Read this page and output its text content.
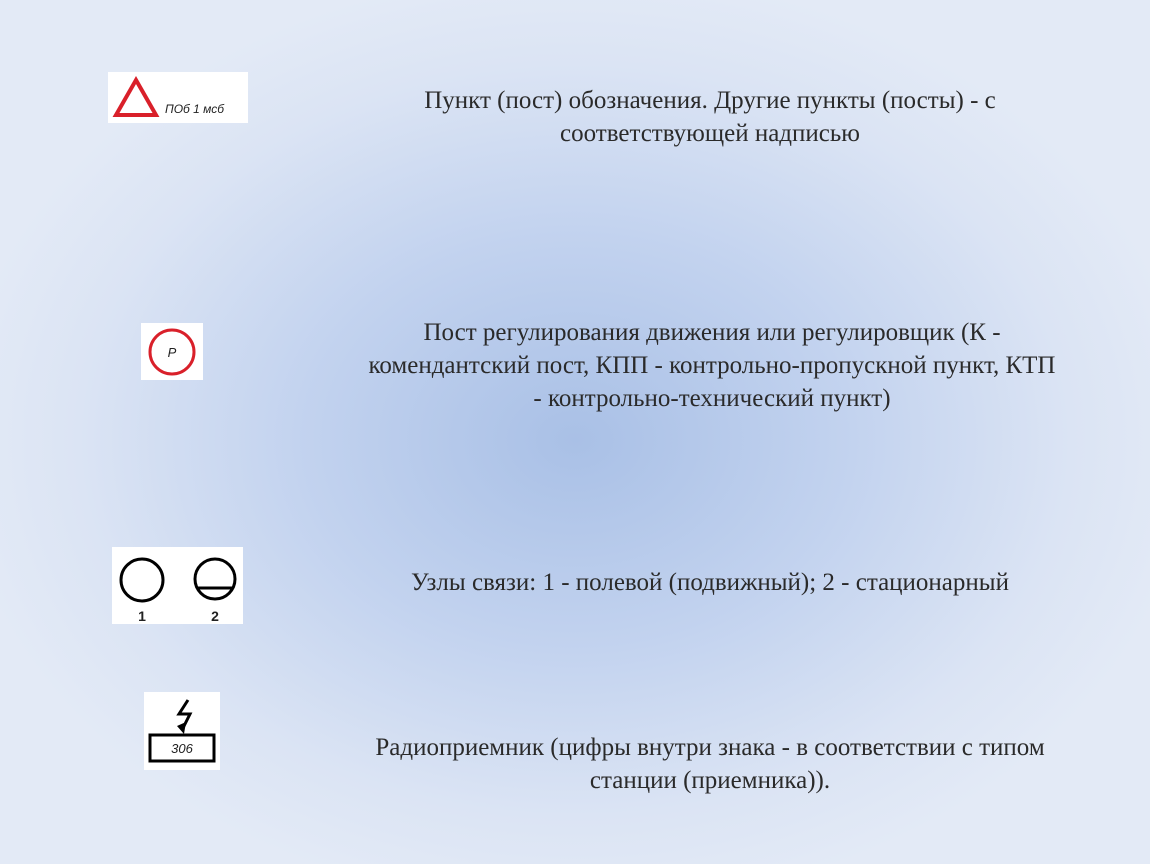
ПОб 1 мсб	Пункт (пост) обозначения. Другие пункты (посты) - с
соответствующей надписью
Р
Пост регулирования движения или регулировщик (К -
комендантский пост, КПП - контрольно-пропускной пункт, КТП
- контрольно-технический пункт)
1	2
Узлы связи: 1 - полевой (подвижный); 2 - стационарный
306	Радиоприемник (цифры внутри знака - в соответствии с типом
станции (приемника)).
